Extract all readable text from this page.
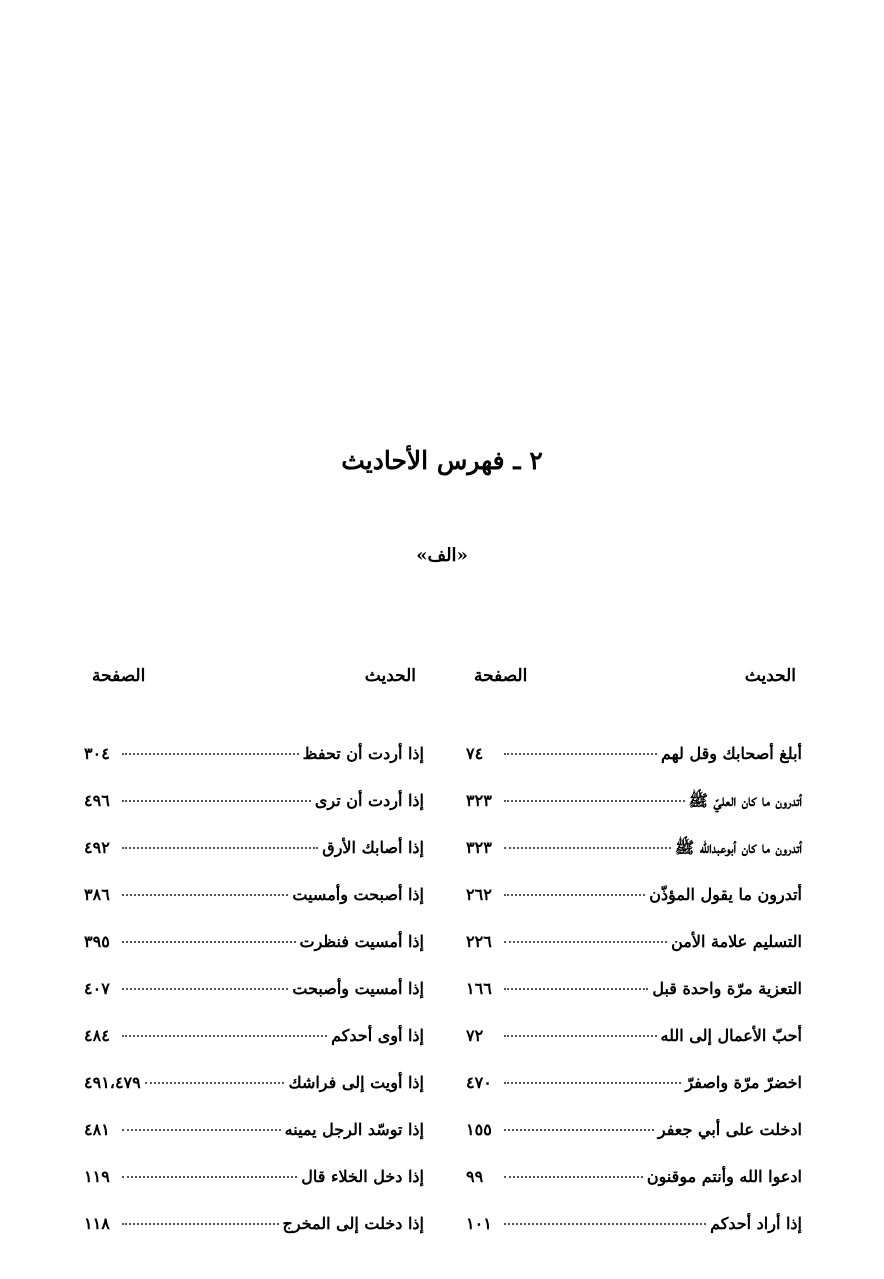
٢ ـ فهرس الأحاديث
«الف»
الحديث
الصفحة
أبلغ أصحابك وقل لهم
٧٤
أتدرون ما كان العليّ ﷺ
٣٢٣
أتدرون ما كان أبوعبدالله ﷺ
٣٢٣
أتدرون ما يقول المؤذّن
٢٦٢
التسليم علامة الأمن
٢٢٦
التعزية مرّة واحدة قبل
١٦٦
أحبّ الأعمال إلى الله
٧٢
اخضرّ مرّة واصفرّ
٤٧٠
ادخلت على أبي جعفر
١٥٥
ادعوا الله وأنتم موقنون
٩٩
إذا أراد أحدكم
١٠١
الحديث
الصفحة
إذا أردت أن تحفظ
٣٠٤
إذا أردت أن ترى
٤٩٦
إذا أصابك الأرق
٤٩٢
إذا أصبحت وأمسيت
٣٨٦
إذا أمسيت فنظرت
٣٩٥
إذا أمسيت وأصبحت
٤٠٧
إذا أوى أحدكم
٤٨٤
إذا أويت إلى فراشك
٤٩١،٤٧٩
إذا توسّد الرجل يمينه
٤٨١
إذا دخل الخلاء قال
١١٩
إذا دخلت إلى المخرج
١١٨
